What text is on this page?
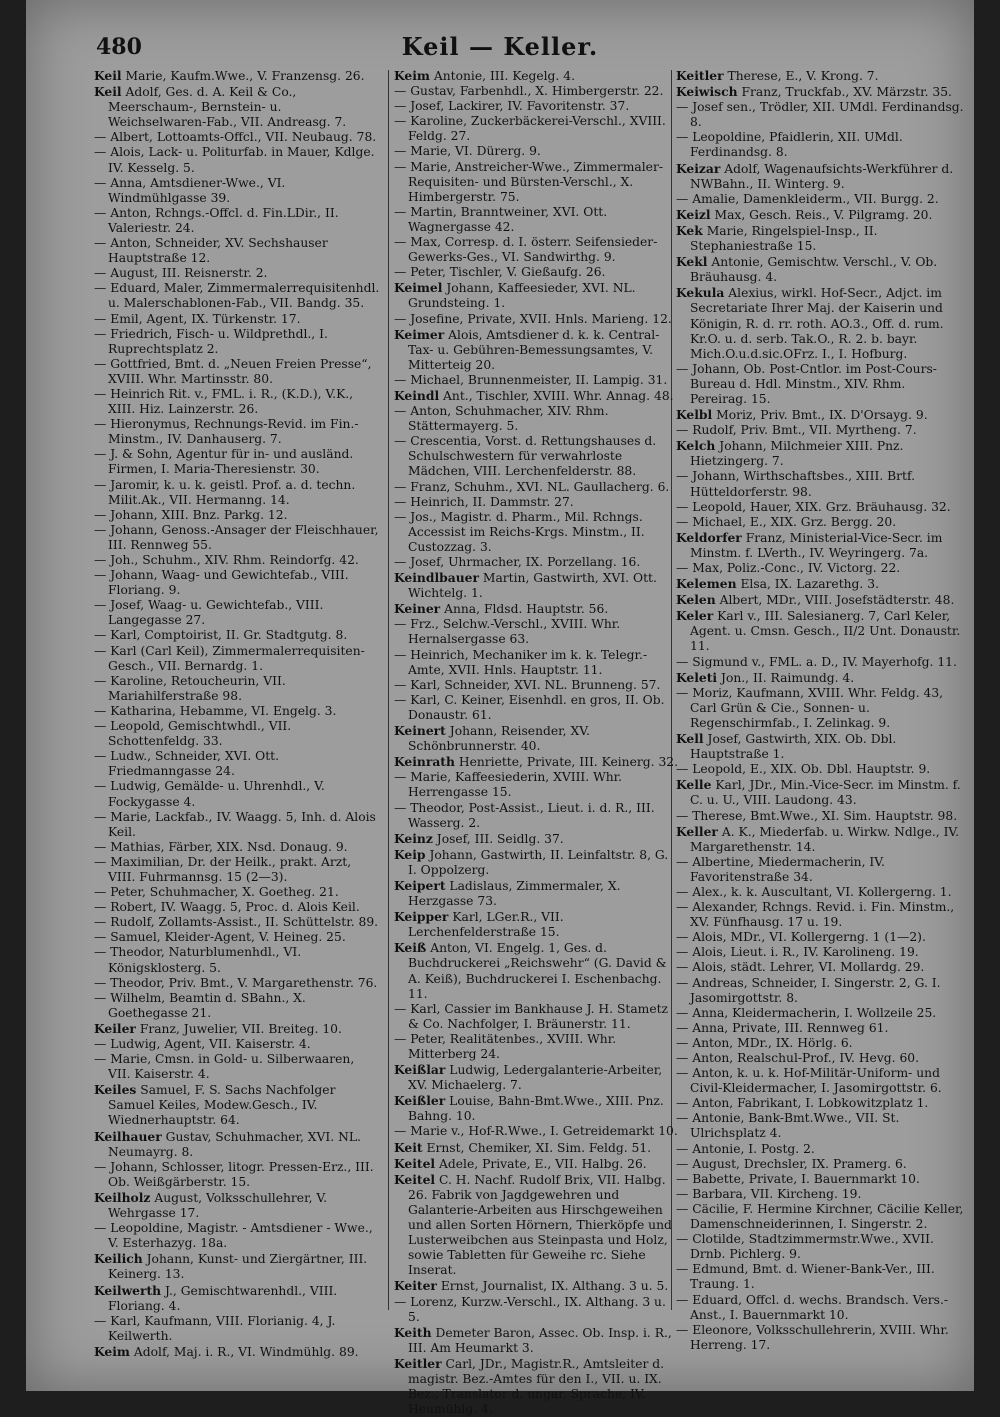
480	Keil — Keller.

Keil Marie, Kaufm.Wwe., V. Franzensg. 26.

Keil Adolf, Ges. d. A. Keil & Co., Meerschaum-, Bernstein- u. Weichselwaren-Fab., VII. Andreasg. 7.

— Albert, Lottoamts-Offcl., VII. Neubaug. 78.

— Alois, Lack- u. Politurfab. in Mauer, Kdlge. IV. Kesselg. 5.

— Anna, Amtsdiener-Wwe., VI. Windmühlgasse 39.

— Anton, Rchngs.-Offcl. d. Fin.LDir., II. Valeriestr. 24.

— Anton, Schneider, XV. Sechshauser Hauptstraße 12.

— August, III. Reisnerstr. 2.

— Eduard, Maler, Zimmermalerrequisitenhdl. u. Malerschablonen-Fab., VII. Bandg. 35.

— Emil, Agent, IX. Türkenstr. 17.

— Friedrich, Fisch- u. Wildprethdl., I. Ruprechtsplatz 2.

— Gottfried, Bmt. d. „Neuen Freien Presse“, XVIII. Whr. Martinsstr. 80.

— Heinrich Rit. v., FML. i. R., (K.D.), V.K., XIII. Hiz. Lainzerstr. 26.

— Hieronymus, Rechnungs-Revid. im Fin.-Minstm., IV. Danhauserg. 7.

— J. & Sohn, Agentur für in- und ausländ. Firmen, I. Maria-Theresienstr. 30.

— Jaromir, k. u. k. geistl. Prof. a. d. techn. Milit.Ak., VII. Hermanng. 14.

— Johann, XIII. Bnz. Parkg. 12.

— Johann, Genoss.-Ansager der Fleischhauer, III. Rennweg 55.

— Joh., Schuhm., XIV. Rhm. Reindorfg. 42.

— Johann, Waag- und Gewichtefab., VIII. Floriang. 9.

— Josef, Waag- u. Gewichtefab., VIII. Langegasse 27.

— Karl, Comptoirist, II. Gr. Stadtgutg. 8.

— Karl (Carl Keil), Zimmermalerrequisiten-Gesch., VII. Bernardg. 1.

— Karoline, Retoucheurin, VII. Mariahilferstraße 98.

— Katharina, Hebamme, VI. Engelg. 3.

— Leopold, Gemischtwhdl., VII. Schottenfeldg. 33.

— Ludw., Schneider, XVI. Ott. Friedmanngasse 24.

— Ludwig, Gemälde- u. Uhrenhdl., V. Fockygasse 4.

— Marie, Lackfab., IV. Waagg. 5, Inh. d. Alois Keil.

— Mathias, Färber, XIX. Nsd. Donaug. 9.

— Maximilian, Dr. der Heilk., prakt. Arzt, VIII. Fuhrmannsg. 15 (2—3).

— Peter, Schuhmacher, X. Goetheg. 21.

— Robert, IV. Waagg. 5, Proc. d. Alois Keil.

— Rudolf, Zollamts-Assist., II. Schüttelstr. 89.

— Samuel, Kleider-Agent, V. Heineg. 25.

— Theodor, Naturblumenhdl., VI. Königsklosterg. 5.

— Theodor, Priv. Bmt., V. Margarethenstr. 76.

— Wilhelm, Beamtin d. SBahn., X. Goethegasse 21.

Keiler Franz, Juwelier, VII. Breiteg. 10.

— Ludwig, Agent, VII. Kaiserstr. 4.

— Marie, Cmsn. in Gold- u. Silberwaaren, VII. Kaiserstr. 4.

Keiles Samuel, F. S. Sachs Nachfolger Samuel Keiles, Modew.Gesch., IV. Wiednerhauptstr. 64.

Keilhauer Gustav, Schuhmacher, XVI. NL. Neumayrg. 8.

— Johann, Schlosser, litogr. Pressen-Erz., III. Ob. Weißgärberstr. 15.

Keilholz August, Volksschullehrer, V. Wehrgasse 17.

— Leopoldine, Magistr. - Amtsdiener - Wwe., V. Esterhazyg. 18a.

Keilich Johann, Kunst- und Ziergärtner, III. Keinerg. 13.

Keilwerth J., Gemischtwarenhdl., VIII. Floriang. 4.

— Karl, Kaufmann, VIII. Florianig. 4, J. Keilwerth.

Keim Adolf, Maj. i. R., VI. Windmühlg. 89.

Keim Antonie, III. Kegelg. 4.

— Gustav, Farbenhdl., X. Himbergerstr. 22.

— Josef, Lackirer, IV. Favoritenstr. 37.

— Karoline, Zuckerbäckerei-Verschl., XVIII. Feldg. 27.

— Marie, VI. Dürerg. 9.

— Marie, Anstreicher-Wwe., Zimmermaler-Requisiten- und Bürsten-Verschl., X. Himbergerstr. 75.

— Martin, Branntweiner, XVI. Ott. Wagnergasse 42.

— Max, Corresp. d. I. österr. Seifensieder-Gewerks-Ges., VI. Sandwirthg. 9.

— Peter, Tischler, V. Gießaufg. 26.

Keimel Johann, Kaffeesieder, XVI. NL. Grundsteing. 1.

— Josefine, Private, XVII. Hnls. Marieng. 12.

Keimer Alois, Amtsdiener d. k. k. Central-Tax- u. Gebühren-Bemessungsamtes, V. Mitterteig 20.

— Michael, Brunnenmeister, II. Lampig. 31.

Keindl Ant., Tischler, XVIII. Whr. Annag. 48.

— Anton, Schuhmacher, XIV. Rhm. Stättermayerg. 5.

— Crescentia, Vorst. d. Rettungshauses d. Schulschwestern für verwahrloste Mädchen, VIII. Lerchenfelderstr. 88.

— Franz, Schuhm., XVI. NL. Gaullacherg. 6.

— Heinrich, II. Dammstr. 27.

— Jos., Magistr. d. Pharm., Mil. Rchngs. Accessist im Reichs-Krgs. Minstm., II. Custozzag. 3.

— Josef, Uhrmacher, IX. Porzellang. 16.

Keindlbauer Martin, Gastwirth, XVI. Ott. Wichtelg. 1.

Keiner Anna, Fldsd. Hauptstr. 56.

— Frz., Selchw.-Verschl., XVIII. Whr. Hernalsergasse 63.

— Heinrich, Mechaniker im k. k. Telegr.-Amte, XVII. Hnls. Hauptstr. 11.

— Karl, Schneider, XVI. NL. Brunneng. 57.

— Karl, C. Keiner, Eisenhdl. en gros, II. Ob. Donaustr. 61.

Keinert Johann, Reisender, XV. Schönbrunnerstr. 40.

Keinrath Henriette, Private, III. Keinerg. 32.

— Marie, Kaffeesiederin, XVIII. Whr. Herrengasse 15.

— Theodor, Post-Assist., Lieut. i. d. R., III. Wasserg. 2.

Keinz Josef, III. Seidlg. 37.

Keip Johann, Gastwirth, II. Leinfaltstr. 8, G. I. Oppolzerg.

Keipert Ladislaus, Zimmermaler, X. Herzgasse 73.

Keipper Karl, LGer.R., VII. Lerchenfelderstraße 15.

Keiß Anton, VI. Engelg. 1, Ges. d. Buchdruckerei „Reichswehr“ (G. David & A. Keiß), Buchdruckerei I. Eschenbachg. 11.

— Karl, Cassier im Bankhause J. H. Stametz & Co. Nachfolger, I. Bräunerstr. 11.

— Peter, Realitätenbes., XVIII. Whr. Mitterberg 24.

Keißlar Ludwig, Ledergalanterie-Arbeiter, XV. Michaelerg. 7.

Keißler Louise, Bahn-Bmt.Wwe., XIII. Pnz. Bahng. 10.

— Marie v., Hof-R.Wwe., I. Getreidemarkt 10.

Keit Ernst, Chemiker, XI. Sim. Feldg. 51.

Keitel Adele, Private, E., VII. Halbg. 26.

Keitel C. H. Nachf. Rudolf Brix, VII. Halbg. 26. Fabrik von Jagdgewehren und Galanterie-Arbeiten aus Hirschgeweihen und allen Sorten Hörnern, Thierköpfe und Lusterweibchen aus Steinpasta und Holz, sowie Tabletten für Geweihe rc. Siehe Inserat.

Keiter Ernst, Journalist, IX. Althang. 3 u. 5.

— Lorenz, Kurzw.-Verschl., IX. Althang. 3 u. 5.

Keith Demeter Baron, Assec. Ob. Insp. i. R., III. Am Heumarkt 3.

Keitler Carl, JDr., Magistr.R., Amtsleiter d. magistr. Bez.-Amtes für den I., VII. u. IX. Bez., Translator d. ungar. Sprache, IV. Heumühlg. 4.

Keitler Therese, E., V. Krong. 7.

Keiwisch Franz, Truckfab., XV. Märzstr. 35.

— Josef sen., Trödler, XII. UMdl. Ferdinandsg. 8.

— Leopoldine, Pfaidlerin, XII. UMdl. Ferdinandsg. 8.

Keizar Adolf, Wagenaufsichts-Werkführer d. NWBahn., II. Winterg. 9.

— Amalie, Damenkleiderm., VII. Burgg. 2.

Keizl Max, Gesch. Reis., V. Pilgramg. 20.

Kek Marie, Ringelspiel-Insp., II. Stephaniestraße 15.

Kekl Antonie, Gemischtw. Verschl., V. Ob. Bräuhausg. 4.

Kekula Alexius, wirkl. Hof-Secr., Adjct. im Secretariate Ihrer Maj. der Kaiserin und Königin, R. d. rr. roth. AO.3., Off. d. rum. Kr.O. u. d. serb. Tak.O., R. 2. b. bayr. Mich.O.u.d.sic.OFrz. I., I. Hofburg.

— Johann, Ob. Post-Cntlor. im Post-Cours-Bureau d. Hdl. Minstm., XIV. Rhm. Pereirag. 15.

Kelbl Moriz, Priv. Bmt., IX. D'Orsayg. 9.

— Rudolf, Priv. Bmt., VII. Myrtheng. 7.

Kelch Johann, Milchmeier XIII. Pnz. Hietzingerg. 7.

— Johann, Wirthschaftsbes., XIII. Brtf. Hütteldorferstr. 98.

— Leopold, Hauer, XIX. Grz. Bräuhausg. 32.

— Michael, E., XIX. Grz. Bergg. 20.

Keldorfer Franz, Ministerial-Vice-Secr. im Minstm. f. LVerth., IV. Weyringerg. 7a.

— Max, Poliz.-Conc., IV. Victorg. 22.

Kelemen Elsa, IX. Lazarethg. 3.

Kelen Albert, MDr., VIII. Josefstädterstr. 48.

Keler Karl v., III. Salesianerg. 7, Carl Keler, Agent. u. Cmsn. Gesch., II/2 Unt. Donaustr. 11.

— Sigmund v., FML. a. D., IV. Mayerhofg. 11.

Keleti Jon., II. Raimundg. 4.

— Moriz, Kaufmann, XVIII. Whr. Feldg. 43, Carl Grün & Cie., Sonnen- u. Regenschirmfab., I. Zelinkag. 9.

Kell Josef, Gastwirth, XIX. Ob. Dbl. Hauptstraße 1.

— Leopold, E., XIX. Ob. Dbl. Hauptstr. 9.

Kelle Karl, JDr., Min.-Vice-Secr. im Minstm. f. C. u. U., VIII. Laudong. 43.

— Therese, Bmt.Wwe., XI. Sim. Hauptstr. 98.

Keller A. K., Miederfab. u. Wirkw. Ndlge., IV. Margarethenstr. 14.

— Albertine, Miedermacherin, IV. Favoritenstraße 34.

— Alex., k. k. Auscultant, VI. Kollergerng. 1.

— Alexander, Rchngs. Revid. i. Fin. Minstm., XV. Fünfhausg. 17 u. 19.

— Alois, MDr., VI. Kollergerng. 1 (1—2).

— Alois, Lieut. i. R., IV. Karolineng. 19.

— Alois, städt. Lehrer, VI. Mollardg. 29.

— Andreas, Schneider, I. Singerstr. 2, G. I. Jasomirgottstr. 8.

— Anna, Kleidermacherin, I. Wollzeile 25.

— Anna, Private, III. Rennweg 61.

— Anton, MDr., IX. Hörlg. 6.

— Anton, Realschul-Prof., IV. Hevg. 60.

— Anton, k. u. k. Hof-Militär-Uniform- und Civil-Kleidermacher, I. Jasomirgottstr. 6.

— Anton, Fabrikant, I. Lobkowitzplatz 1.

— Antonie, Bank-Bmt.Wwe., VII. St. Ulrichsplatz 4.

— Antonie, I. Postg. 2.

— August, Drechsler, IX. Pramerg. 6.

— Babette, Private, I. Bauernmarkt 10.

— Barbara, VII. Kircheng. 19.

— Cäcilie, F. Hermine Kirchner, Cäcilie Keller, Damenschneiderinnen, I. Singerstr. 2.

— Clotilde, Stadtzimmermstr.Wwe., XVII. Drnb. Pichlerg. 9.

— Edmund, Bmt. d. Wiener-Bank-Ver., III. Traung. 1.

— Eduard, Offcl. d. wechs. Brandsch. Vers.-Anst., I. Bauernmarkt 10.

— Eleonore, Volksschullehrerin, XVIII. Whr. Herreng. 17.
